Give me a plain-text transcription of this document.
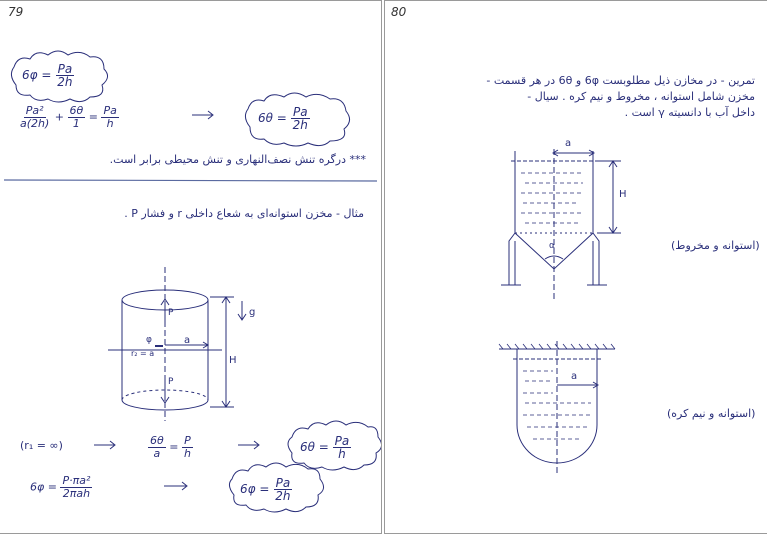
79
$6\varphi = \frac{Pa}{2h}$
$\frac{\text{Pa²}}{a(2h)} + \frac{6\theta}{1} = \frac{Pa}{h}$	$6\theta = \frac{Pa}{2h}$
*** درگره تنش نصف‌النهاری و تنش محیطی برابر است.
مثال - مخزن استوانه‌ای به شعاع داخلی r و فشار P .
P
P
φ
r₂ = a
a
H
g
(r₁ = ∞)	$\frac{6\theta}{a} = \frac{P}{h}$	$6\theta = \frac{Pa}{h}$
$6\varphi = \frac{\text{P·πa²}}{\text{2πah}}$	$6\varphi = \frac{Pa}{2h}$
80
تمرین - در مخازن ذیل مطلوبست 6φ و 6θ در هر قسمت -
مخزن شامل استوانه ، مخروط و نیم کره . سیال -
داخل آب با دانسیته γ است .
a
H
α	(استوانه و مخروط)
a
(استوانه و نیم کره)
